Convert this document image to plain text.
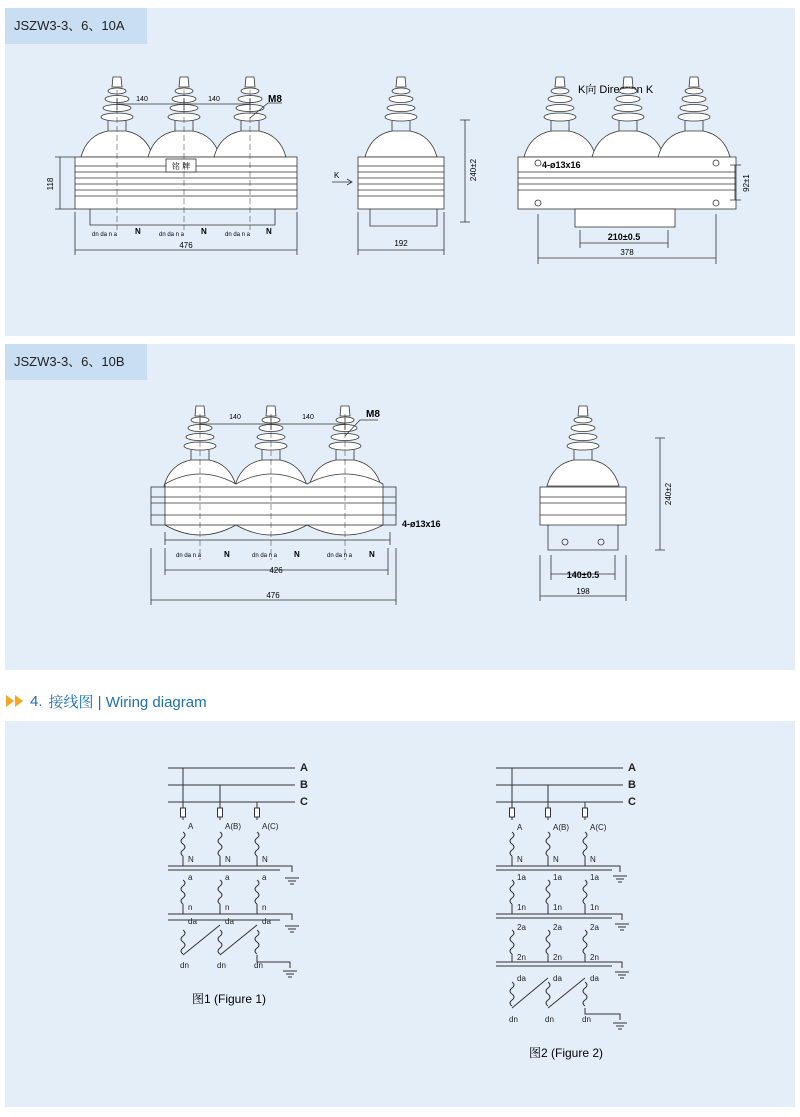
JSZW3-3、6、10A
JSZW3-3、6、10B
4. 接线图 | Wiring diagram
140	140	M8
铭 牌
118
476
dn da n a N	dn da n a N	dn da n a N
240±2
192
K
K向 Direction K
4-ø13x16
92±1
210±0.5
378
140	140	M8
4-ø13x16
426
476
dn da n a	N	dn da n a N	dn da n a N
240±2
140±0.5
198
A
B
C
A	A(B)	A(C)
N	N	N
a	a	a
n	n	n
da	da	da
dn	dn	dn
图1 (Figure 1)
A
B
C
A	A(B)	A(C)
N	N	N
1a	1a	1a
1n	1n	1n
2a	2a	2a
2n	2n	2n
da	da	da
dn	dn	dn
图2 (Figure 2)
